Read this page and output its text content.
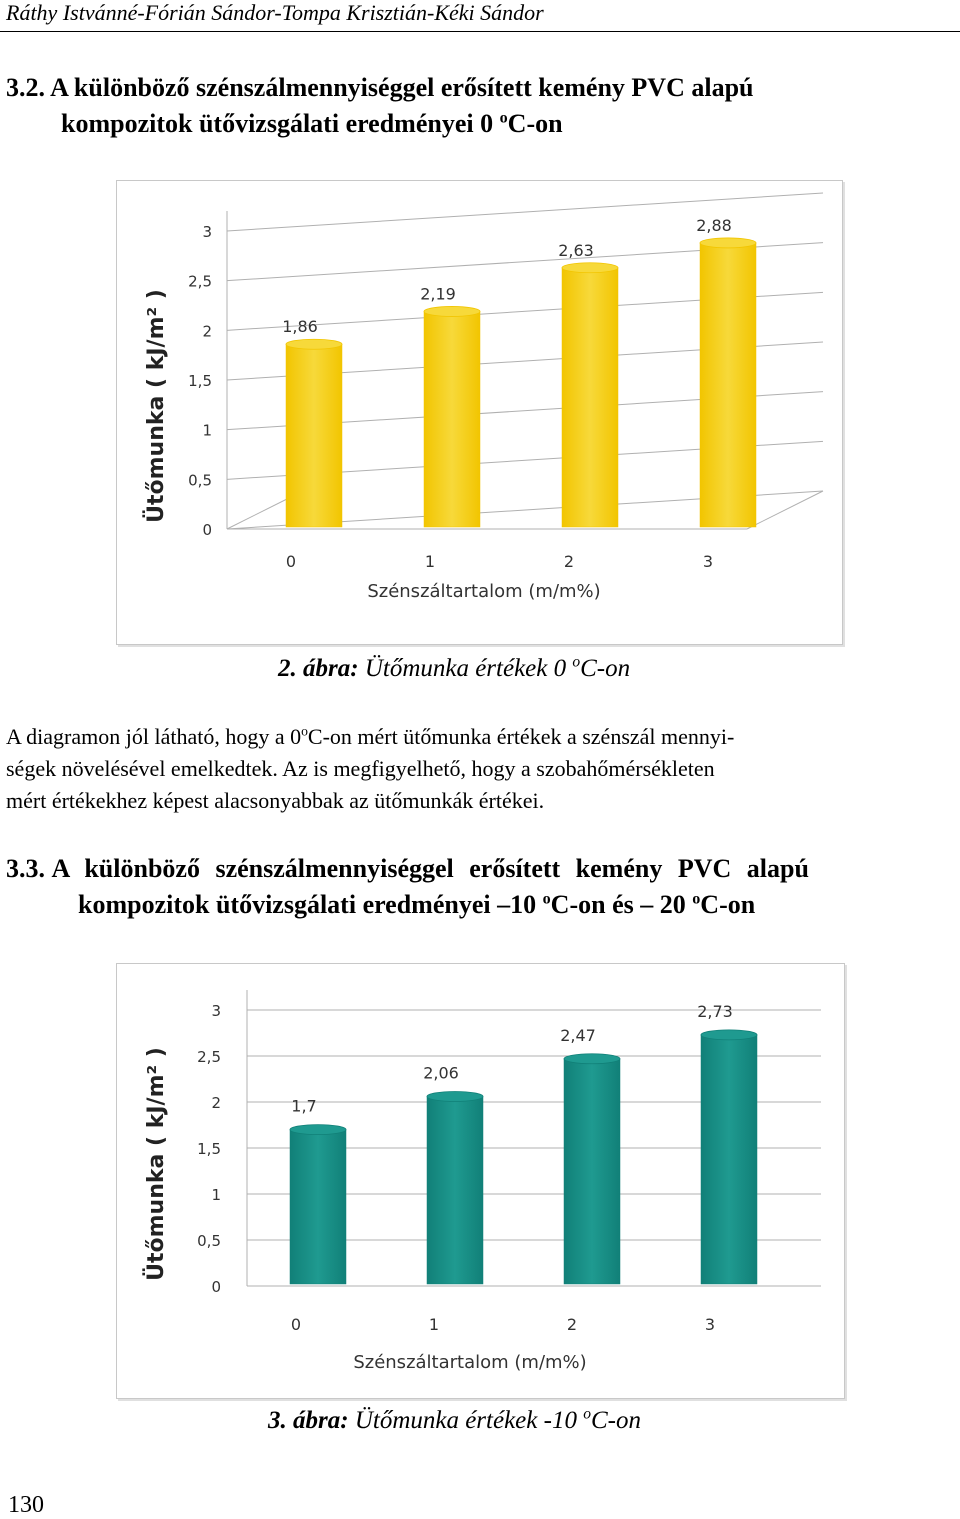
Ráthy Istvánné-Fórián Sándor-Tompa Krisztián-Kéki Sándor
3.2. A különböző szénszálmennyiséggel erősített kemény PVC alapú
kompozitok ütővizsgálati eredményei 0 $^o$C-on
0
0,5
1
1,5
2
2,5
3
1,86
0
2,19
1
2,63
2
2,88
3
Szénszáltartalom (m/m%)
Ütőmunka ( kJ/m² )
2. ábra: Ütőmunka értékek 0 $^o$C-on
A diagramon jól látható, hogy a 0$^o$C-on mért ütőmunka értékek a szénszál mennyi-
ségek növelésével emelkedtek. Az is megfigyelhető, hogy a szobahőmérsékleten
mért értékekhez képest alacsonyabbak az ütőmunkák értékei.
3.3. A különböző szénszálmennyiséggel erősített kemény PVC alapú
kompozitok ütővizsgálati eredményei –10 $^o$C-on és – 20 $^o$C-on
0
0,5
1
1,5
2
2,5
3
1,7
0
2,06
1
2,47
2
2,73
3
Szénszáltartalom (m/m%)
Ütőmunka ( kJ/m² )
3. ábra: Ütőmunka értékek -10 $^o$C-on
130
